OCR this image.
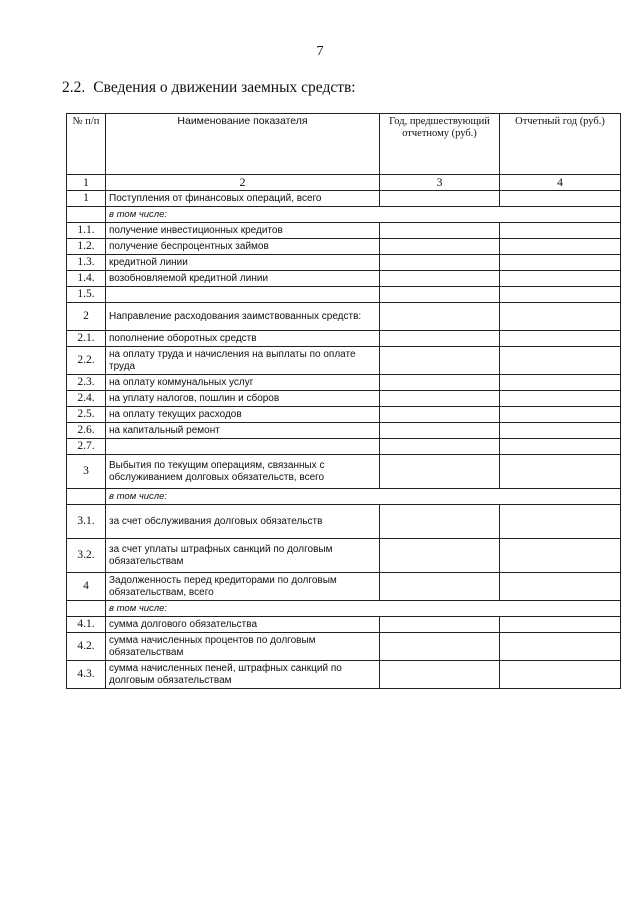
7
2.2. Сведения о движении заемных средств:
№ п/п	Наименование показателя	Год, предшествующий отчетному (руб.)	Отчетный год (руб.)
1	2	3	4
1	Поступления от финансовых операций, всего		
	в том числе:		
1.1.	получение инвестиционных кредитов		
1.2.	получение беспроцентных займов		
1.3.	кредитной линии		
1.4.	возобновляемой кредитной линии		
1.5.			
2	Направление расходования заимствованных средств:		
2.1.	пополнение оборотных средств		
2.2.	на оплату труда и начисления на выплаты по оплате труда		
2.3.	на оплату коммунальных услуг		
2.4.	на уплату налогов, пошлин и сборов		
2.5.	на оплату текущих расходов		
2.6.	на капитальный ремонт		
2.7.			
3	Выбытия по текущим операциям, связанных с обслуживанием долговых обязательств, всего		
	в том числе:		
3.1.	за счет обслуживания долговых обязательств		
3.2.	за счет уплаты штрафных санкций по долговым обязательствам		
4	Задолженность перед кредиторами по долговым обязательствам, всего		
	в том числе:		
4.1.	сумма долгового обязательства		
4.2.	сумма начисленных процентов по долговым обязательствам		
4.3.	сумма начисленных пеней, штрафных санкций по долговым обязательствам		
